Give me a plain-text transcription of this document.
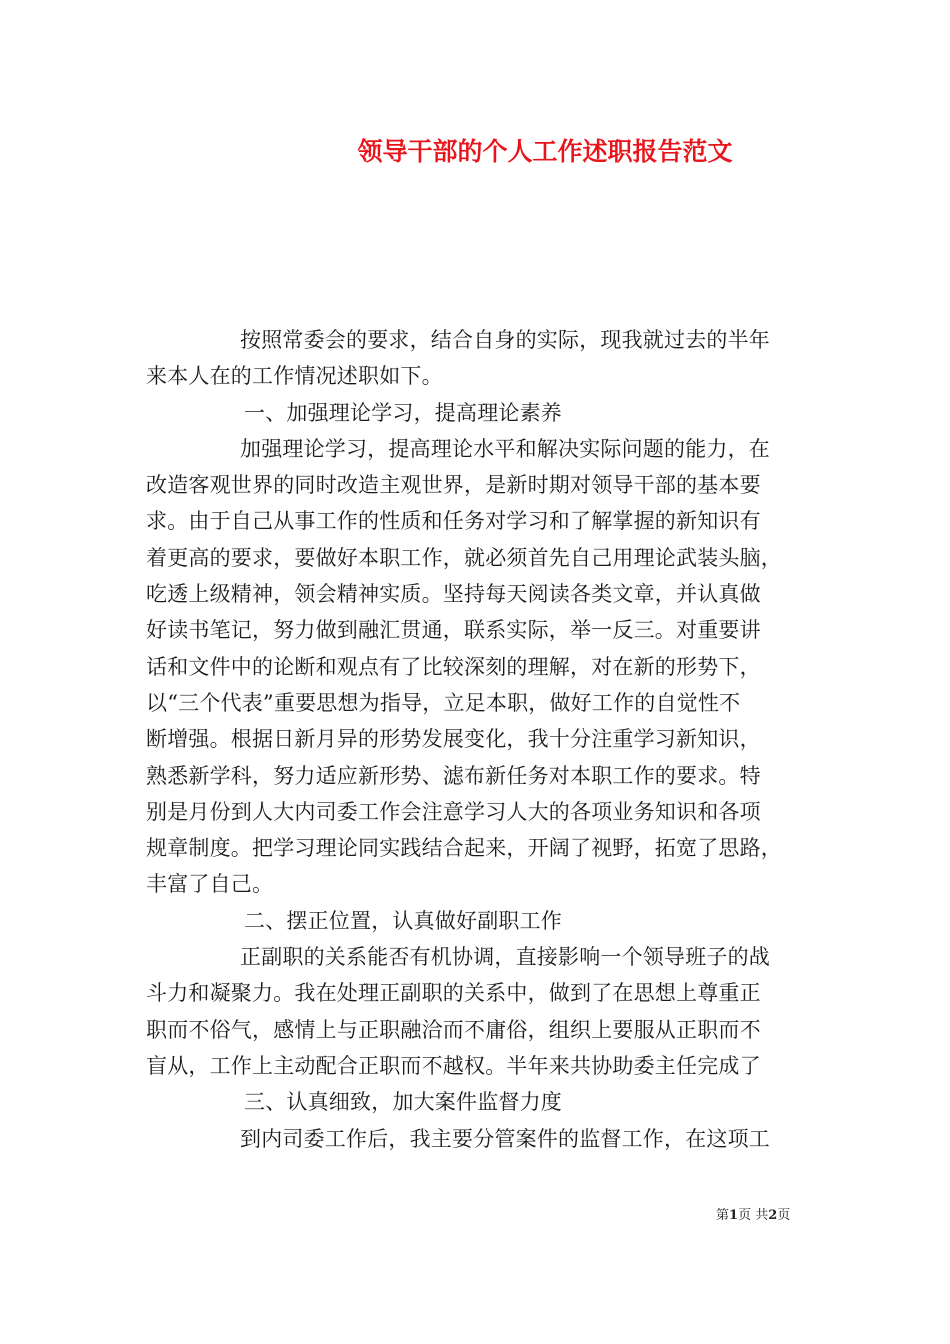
领导干部的个人工作述职报告范文
按照常委会的要求，结合自身的实际，现我就过去的半年
来本人在的工作情况述职如下。
一、加强理论学习，提高理论素养
加强理论学习，提高理论水平和解决实际问题的能力，在
改造客观世界的同时改造主观世界，是新时期对领导干部的基本要
求。由于自己从事工作的性质和任务对学习和了解掌握的新知识有
着更高的要求，要做好本职工作，就必须首先自己用理论武装头脑，
吃透上级精神，领会精神实质。坚持每天阅读各类文章，并认真做
好读书笔记，努力做到融汇贯通，联系实际，举一反三。对重要讲
话和文件中的论断和观点有了比较深刻的理解，对在新的形势下，
以“三个代表”重要思想为指导，立足本职，做好工作的自觉性不
断增强。根据日新月异的形势发展变化，我十分注重学习新知识，
熟悉新学科，努力适应新形势、滤布新任务对本职工作的要求。特
别是月份到人大内司委工作会注意学习人大的各项业务知识和各项
规章制度。把学习理论同实践结合起来，开阔了视野，拓宽了思路，
丰富了自己。
二、摆正位置，认真做好副职工作
正副职的关系能否有机协调，直接影响一个领导班子的战
斗力和凝聚力。我在处理正副职的关系中，做到了在思想上尊重正
职而不俗气，感情上与正职融洽而不庸俗，组织上要服从正职而不
盲从，工作上主动配合正职而不越权。半年来共协助委主任完成了
三、认真细致，加大案件监督力度
到内司委工作后，我主要分管案件的监督工作，在这项工
第1页 共2页
